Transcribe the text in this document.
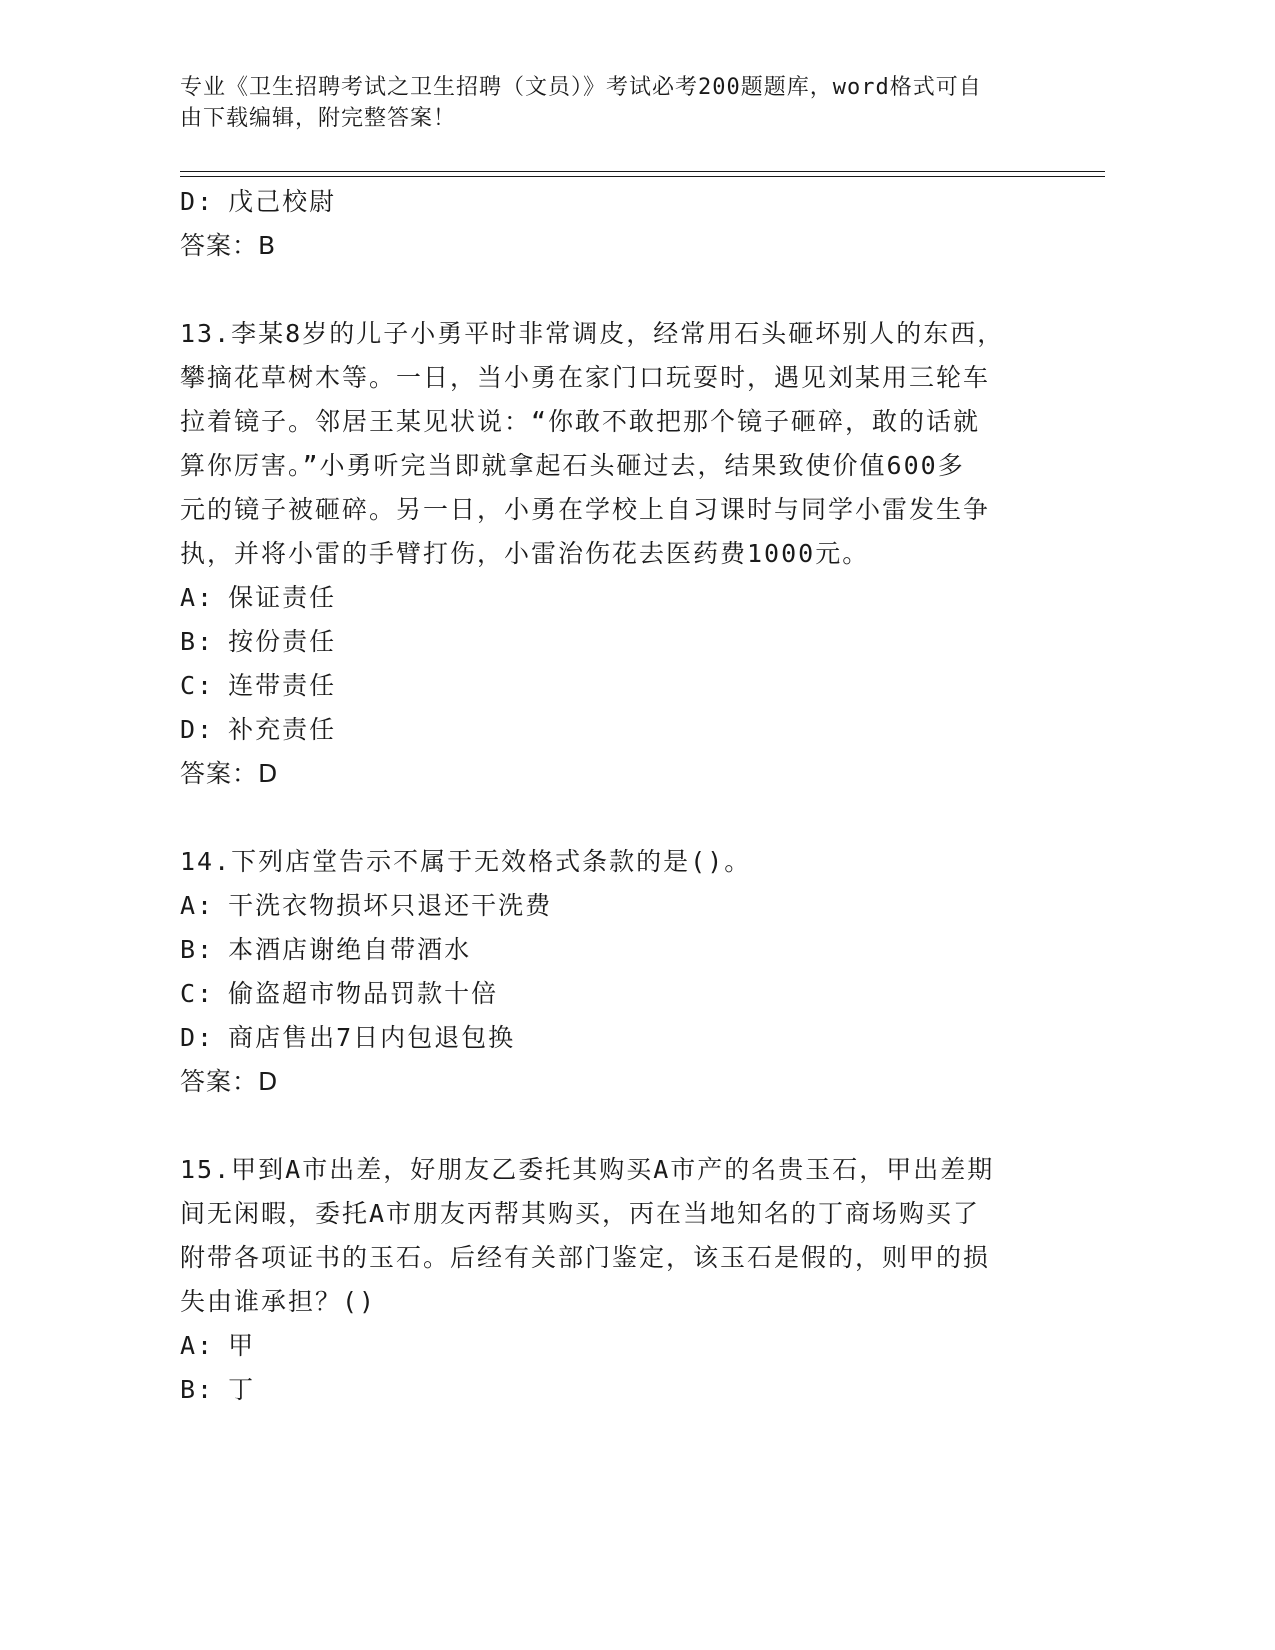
专业《卫生招聘考试之卫生招聘（文员）》考试必考200题题库，word格式可自
由下载编辑，附完整答案！
D: 戊己校尉
答案：B
13.李某8岁的儿子小勇平时非常调皮，经常用石头砸坏别人的东西，
攀摘花草树木等。一日，当小勇在家门口玩耍时，遇见刘某用三轮车
拉着镜子。邻居王某见状说：“你敢不敢把那个镜子砸碎，敢的话就
算你厉害。”小勇听完当即就拿起石头砸过去，结果致使价值600多
元的镜子被砸碎。另一日，小勇在学校上自习课时与同学小雷发生争
执，并将小雷的手臂打伤，小雷治伤花去医药费1000元。
A: 保证责任
B: 按份责任
C: 连带责任
D: 补充责任
答案：D
14.下列店堂告示不属于无效格式条款的是()。
A: 干洗衣物损坏只退还干洗费
B: 本酒店谢绝自带酒水
C: 偷盗超市物品罚款十倍
D: 商店售出7日内包退包换
答案：D
15.甲到A市出差，好朋友乙委托其购买A市产的名贵玉石，甲出差期
间无闲暇，委托A市朋友丙帮其购买，丙在当地知名的丁商场购买了
附带各项证书的玉石。后经有关部门鉴定，该玉石是假的，则甲的损
失由谁承担？()
A: 甲
B: 丁
